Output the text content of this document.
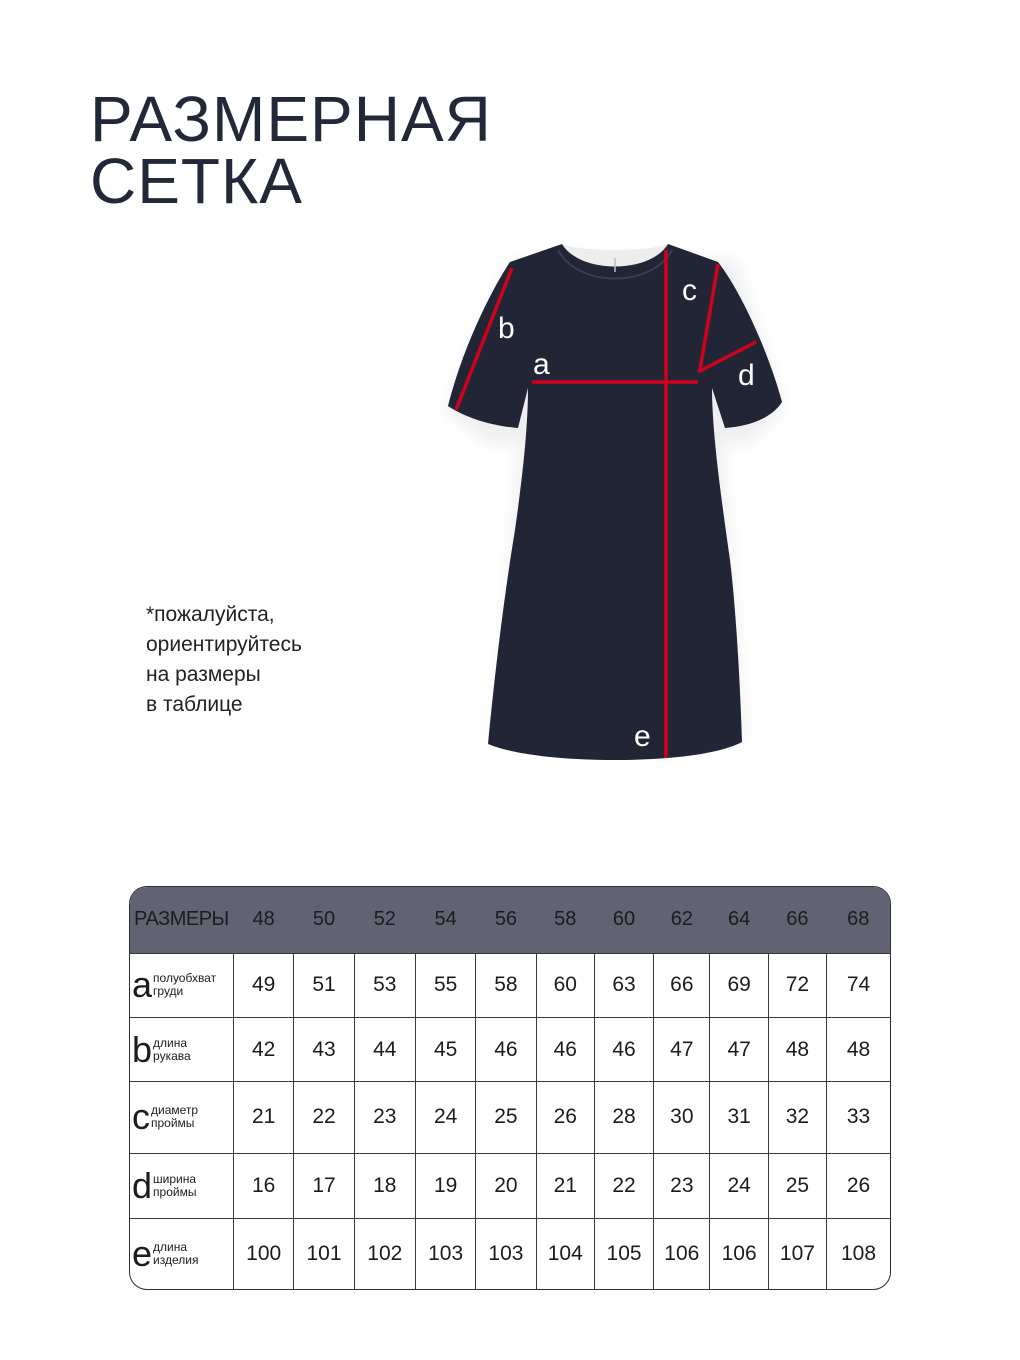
РАЗМЕРНАЯ
СЕТКА
b
a
c
d
e
*пожалуйста,
ориентируйтесь
на размеры
в таблице
РАЗМЕРЫ	48	50	52	54	56	58	60	62	64	66	68
a полуобхват
груди	49	51	53	55	58	60	63	66	69	72	74
b длина
рукава	42	43	44	45	46	46	46	47	47	48	48
c диаметр
проймы	21	22	23	24	25	26	28	30	31	32	33
d ширина
проймы	16	17	18	19	20	21	22	23	24	25	26
e длина
изделия	100	101	102	103	103	104	105	106	106	107	108
